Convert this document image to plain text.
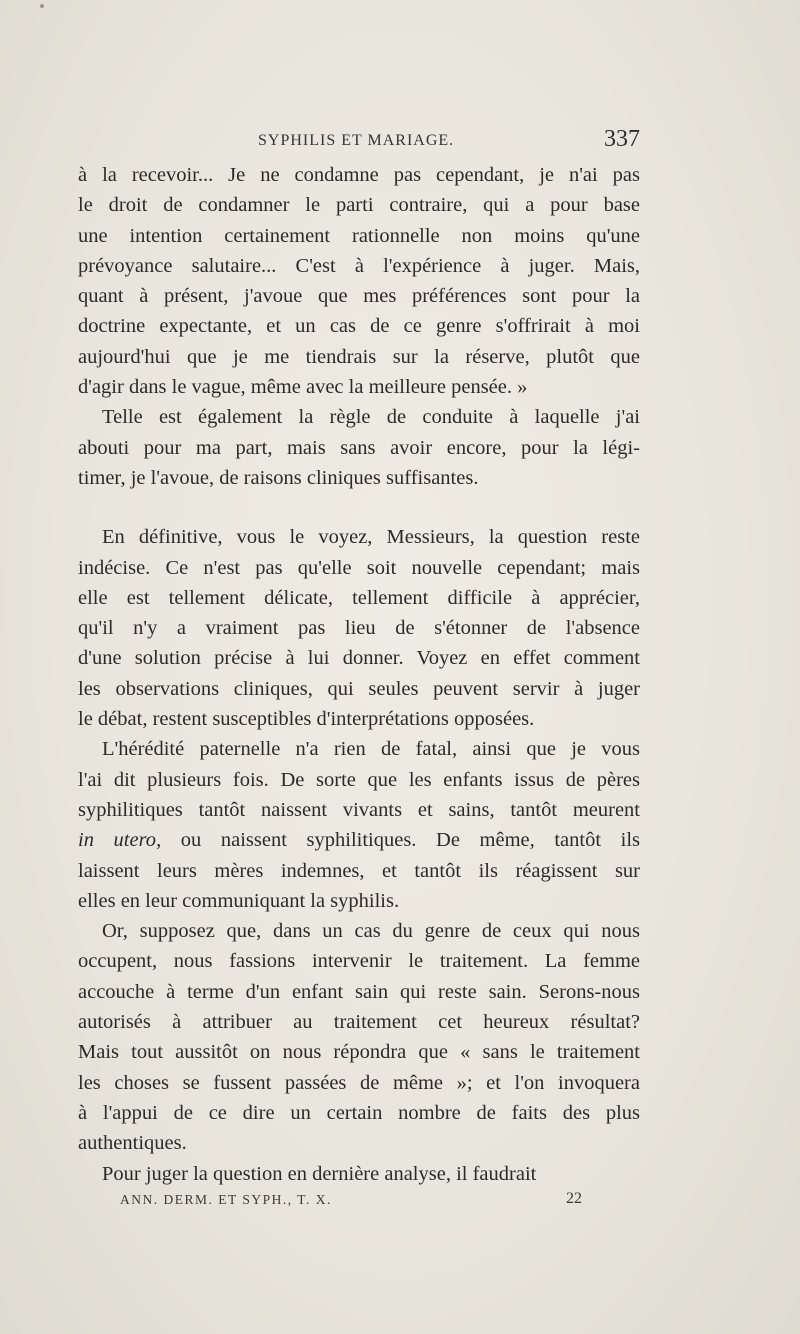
SYPHILIS ET MARIAGE.	337
à la recevoir... Je ne condamne pas cependant, je n'ai pas
le droit de condamner le parti contraire, qui a pour base
une intention certainement rationnelle non moins qu'une
prévoyance salutaire... C'est à l'expérience à juger. Mais,
quant à présent, j'avoue que mes préférences sont pour la
doctrine expectante, et un cas de ce genre s'offrirait à moi
aujourd'hui que je me tiendrais sur la réserve, plutôt que
d'agir dans le vague, même avec la meilleure pensée. »
Telle est également la règle de conduite à laquelle j'ai
abouti pour ma part, mais sans avoir encore, pour la légi-
timer, je l'avoue, de raisons cliniques suffisantes.
En définitive, vous le voyez, Messieurs, la question reste
indécise. Ce n'est pas qu'elle soit nouvelle cependant; mais
elle est tellement délicate, tellement difficile à apprécier,
qu'il n'y a vraiment pas lieu de s'étonner de l'absence
d'une solution précise à lui donner. Voyez en effet comment
les observations cliniques, qui seules peuvent servir à juger
le débat, restent susceptibles d'interprétations opposées.
L'hérédité paternelle n'a rien de fatal, ainsi que je vous
l'ai dit plusieurs fois. De sorte que les enfants issus de pères
syphilitiques tantôt naissent vivants et sains, tantôt meurent
in utero, ou naissent syphilitiques. De même, tantôt ils
laissent leurs mères indemnes, et tantôt ils réagissent sur
elles en leur communiquant la syphilis.
Or, supposez que, dans un cas du genre de ceux qui nous
occupent, nous fassions intervenir le traitement. La femme
accouche à terme d'un enfant sain qui reste sain. Serons-nous
autorisés à attribuer au traitement cet heureux résultat?
Mais tout aussitôt on nous répondra que « sans le traitement
les choses se fussent passées de même »; et l'on invoquera
à l'appui de ce dire un certain nombre de faits des plus
authentiques.
Pour juger la question en dernière analyse, il faudrait
ANN. DERM. ET SYPH., T. X.	22
